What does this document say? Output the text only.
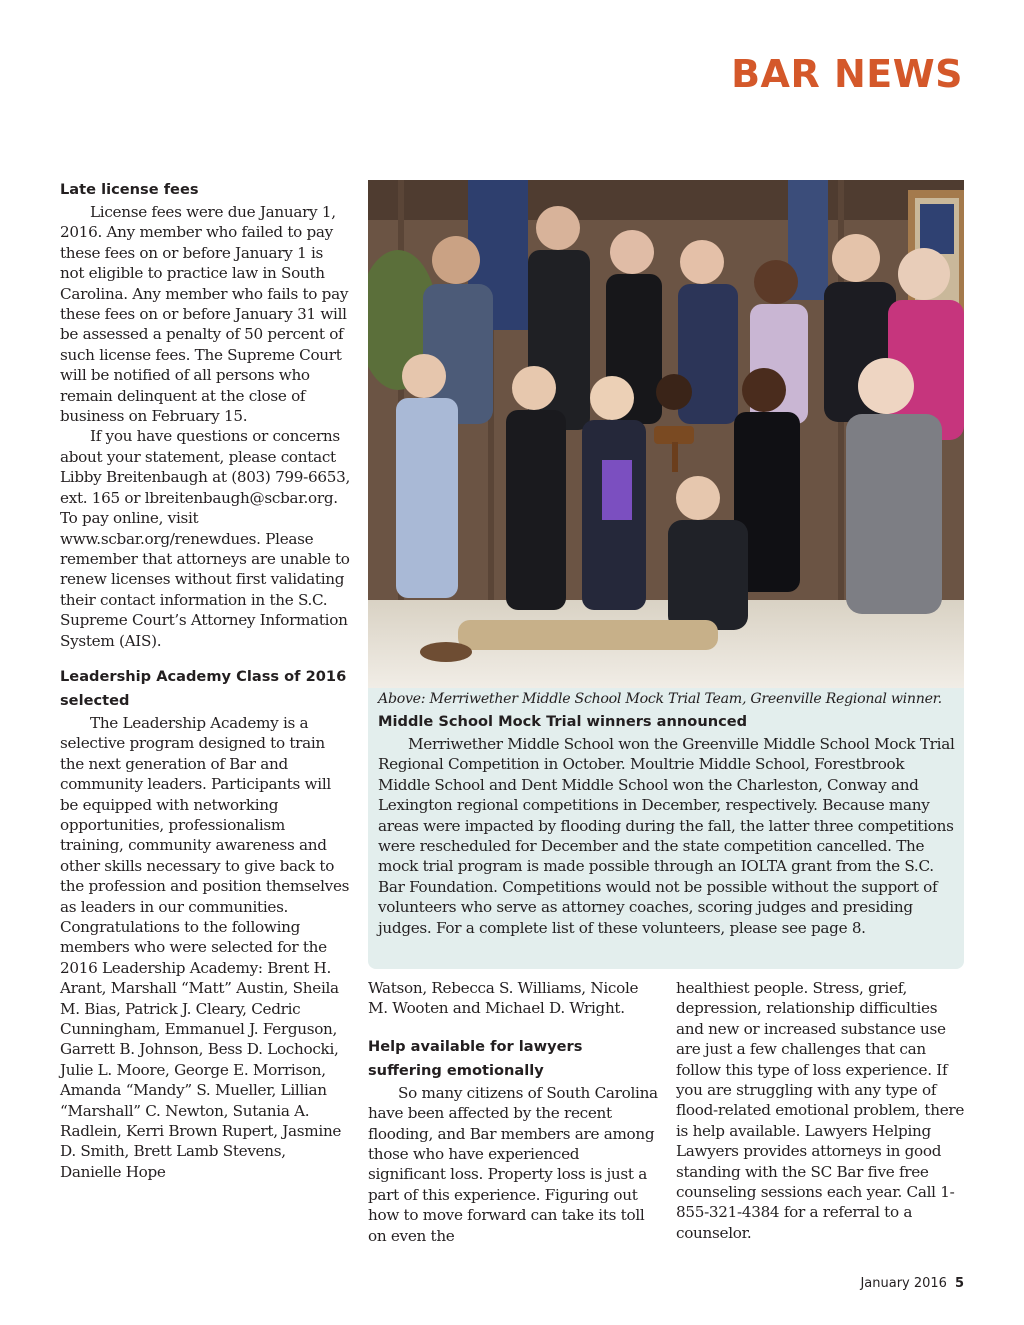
BAR NEWS
Late license fees

License fees were due January 1, 2016. Any member who failed to pay these fees on or before January 1 is not eligible to practice law in South Carolina. Any member who fails to pay these fees on or before January 31 will be assessed a penalty of 50 percent of such license fees. The Supreme Court will be notified of all persons who remain delinquent at the close of business on February 15.

If you have questions or concerns about your statement, please contact Libby Breitenbaugh at (803) 799-6653, ext. 165 or lbreitenbaugh@scbar.org. To pay online, visit www.scbar.org/renewdues. Please remember that attorneys are unable to renew licenses without first validating their contact information in the S.C. Supreme Court’s Attorney Information System (AIS).

Leadership Academy Class of 2016 selected

The Leadership Academy is a selective program designed to train the next generation of Bar and community leaders. Participants will be equipped with networking opportunities, professionalism training, community awareness and other skills necessary to give back to the profession and position themselves as leaders in our communities. Congratulations to the following members who were selected for the 2016 Leadership Academy: Brent H. Arant, Marshall “Matt” Austin, Sheila M. Bias, Patrick J. Cleary, Cedric Cunningham, Emmanuel J. Ferguson, Garrett B. Johnson, Bess D. Lochocki, Julie L. Moore, George E. Morrison, Amanda “Mandy” S. Mueller, Lillian “Marshall” C. Newton, Sutania A. Radlein, Kerri Brown Rupert, Jasmine D. Smith, Brett Lamb Stevens, Danielle Hope

Above: Merriwether Middle School Mock Trial Team, Greenville Regional winner.

Middle School Mock Trial winners announced

Merriwether Middle School won the Greenville Middle School Mock Trial Regional Competition in October. Moultrie Middle School, Forestbrook Middle School and Dent Middle School won the Charleston, Conway and Lexington regional competitions in December, respectively. Because many areas were impacted by flooding during the fall, the latter three competitions were rescheduled for December and the state competition cancelled. The mock trial program is made possible through an IOLTA grant from the S.C. Bar Foundation. Competitions would not be possible without the support of volunteers who serve as attorney coaches, scoring judges and presiding judges. For a complete list of these volunteers, please see page 8.

Watson, Rebecca S. Williams, Nicole M. Wooten and Michael D. Wright.

Help available for lawyers suffering emotionally

So many citizens of South Carolina have been affected by the recent flooding, and Bar members are among those who have experienced significant loss. Property loss is just a part of this experience. Figuring out how to move forward can take its toll on even the

healthiest people. Stress, grief, depression, relationship difficulties and new or increased substance use are just a few challenges that can follow this type of loss experience. If you are struggling with any type of flood-related emotional problem, there is help available. Lawyers Helping Lawyers provides attorneys in good standing with the SC Bar five free counseling sessions each year. Call 1-855-321-4384 for a referral to a counselor.

January 2016 5
